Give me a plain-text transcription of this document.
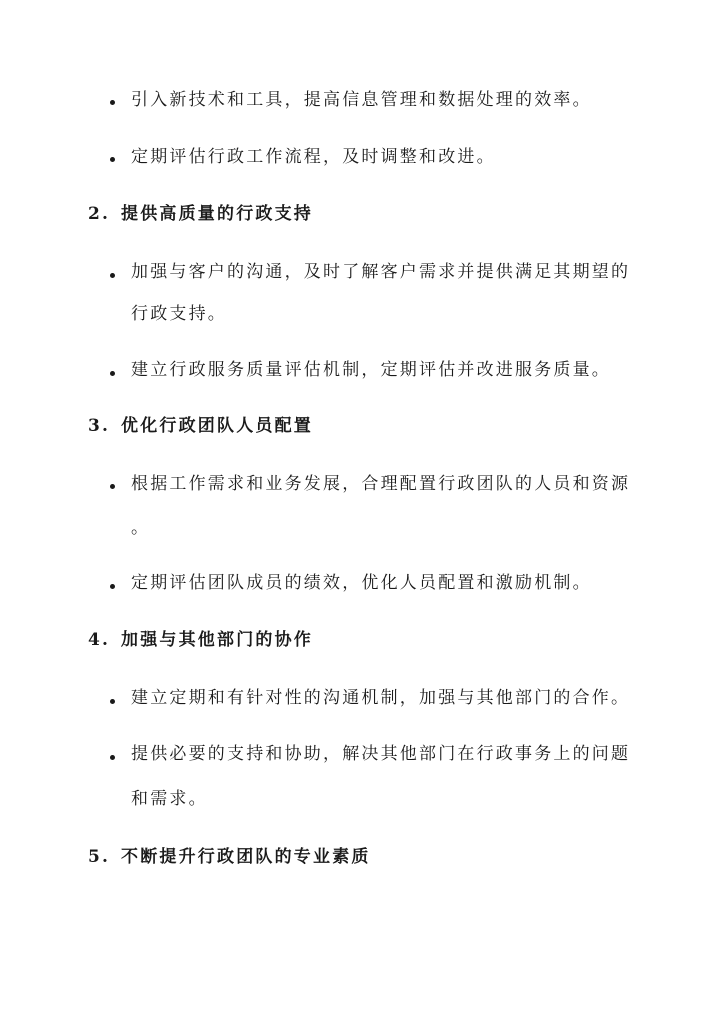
引入新技术和工具，提高信息管理和数据处理的效率。
定期评估行政工作流程，及时调整和改进。
2. 提供高质量的行政支持
加强与客户的沟通，及时了解客户需求并提供满足其期望的
行政支持。
建立行政服务质量评估机制，定期评估并改进服务质量。
3. 优化行政团队人员配置
根据工作需求和业务发展，合理配置行政团队的人员和资源
。
定期评估团队成员的绩效，优化人员配置和激励机制。
4. 加强与其他部门的协作
建立定期和有针对性的沟通机制，加强与其他部门的合作。
提供必要的支持和协助，解决其他部门在行政事务上的问题
和需求。
5. 不断提升行政团队的专业素质
